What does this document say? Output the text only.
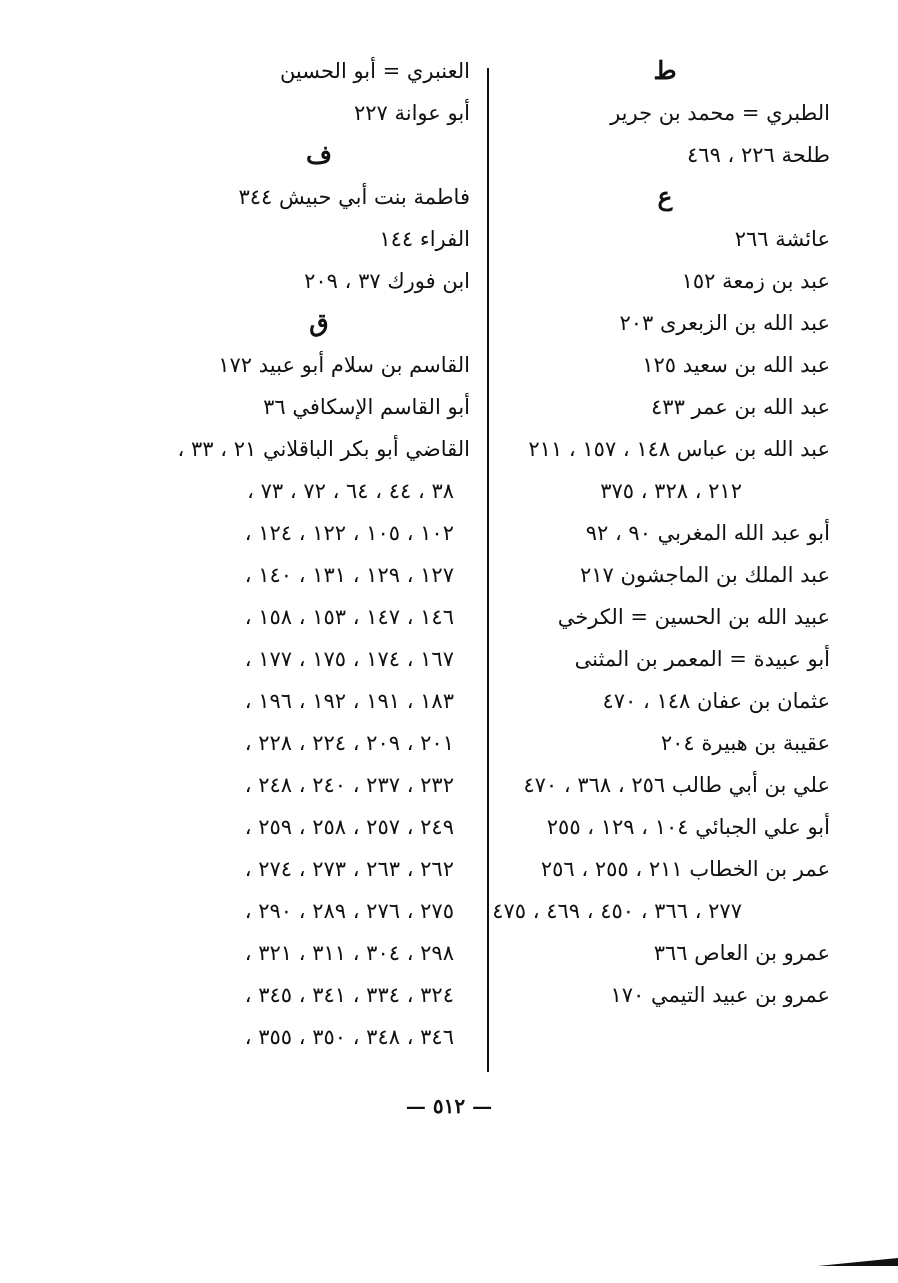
ط
الطبري = محمد بن جرير
طلحة ٢٢٦ ، ٤٦٩
ع
عائشة ٢٦٦
عبد بن زمعة ١٥٢
عبد الله بن الزبعرى ٢٠٣
عبد الله بن سعيد ١٢٥
عبد الله بن عمر ٤٣٣
عبد الله بن عباس ١٤٨ ، ١٥٧ ، ٢١١
٢١٢ ، ٣٢٨ ، ٣٧٥
أبو عبد الله المغربي ٩٠ ، ٩٢
عبد الملك بن الماجشون ٢١٧
عبيد الله بن الحسين = الكرخي
أبو عبيدة = المعمر بن المثنى
عثمان بن عفان ١٤٨ ، ٤٧٠
عقيبة بن هبيرة ٢٠٤
علي بن أبي طالب ٢٥٦ ، ٣٦٨ ، ٤٧٠
أبو علي الجبائي ١٠٤ ، ١٢٩ ، ٢٥٥
عمر بن الخطاب ٢١١ ، ٢٥٥ ، ٢٥٦
٢٧٧ ، ٣٦٦ ، ٤٥٠ ، ٤٦٩ ، ٤٧٥
عمرو بن العاص ٣٦٦
عمرو بن عبيد التيمي ١٧٠
العنبري = أبو الحسين
أبو عوانة ٢٢٧
ف
فاطمة بنت أبي حبيش ٣٤٤
الفراء ١٤٤
ابن فورك ٣٧ ، ٢٠٩
ق
القاسم بن سلام أبو عبيد ١٧٢
أبو القاسم الإسكافي ٣٦
القاضي أبو بكر الباقلاني ٢١ ، ٣٣ ،
٣٨ ، ٤٤ ، ٦٤ ، ٧٢ ، ٧٣ ،
١٠٢ ، ١٠٥ ، ١٢٢ ، ١٢٤ ،
١٢٧ ، ١٢٩ ، ١٣١ ، ١٤٠ ،
١٤٦ ، ١٤٧ ، ١٥٣ ، ١٥٨ ،
١٦٧ ، ١٧٤ ، ١٧٥ ، ١٧٧ ،
١٨٣ ، ١٩١ ، ١٩٢ ، ١٩٦ ،
٢٠١ ، ٢٠٩ ، ٢٢٤ ، ٢٢٨ ،
٢٣٢ ، ٢٣٧ ، ٢٤٠ ، ٢٤٨ ،
٢٤٩ ، ٢٥٧ ، ٢٥٨ ، ٢٥٩ ،
٢٦٢ ، ٢٦٣ ، ٢٧٣ ، ٢٧٤ ،
٢٧٥ ، ٢٧٦ ، ٢٨٩ ، ٢٩٠ ،
٢٩٨ ، ٣٠٤ ، ٣١١ ، ٣٢١ ،
٣٢٤ ، ٣٣٤ ، ٣٤١ ، ٣٤٥ ،
٣٤٦ ، ٣٤٨ ، ٣٥٠ ، ٣٥٥ ،
— ٥١٢ —
